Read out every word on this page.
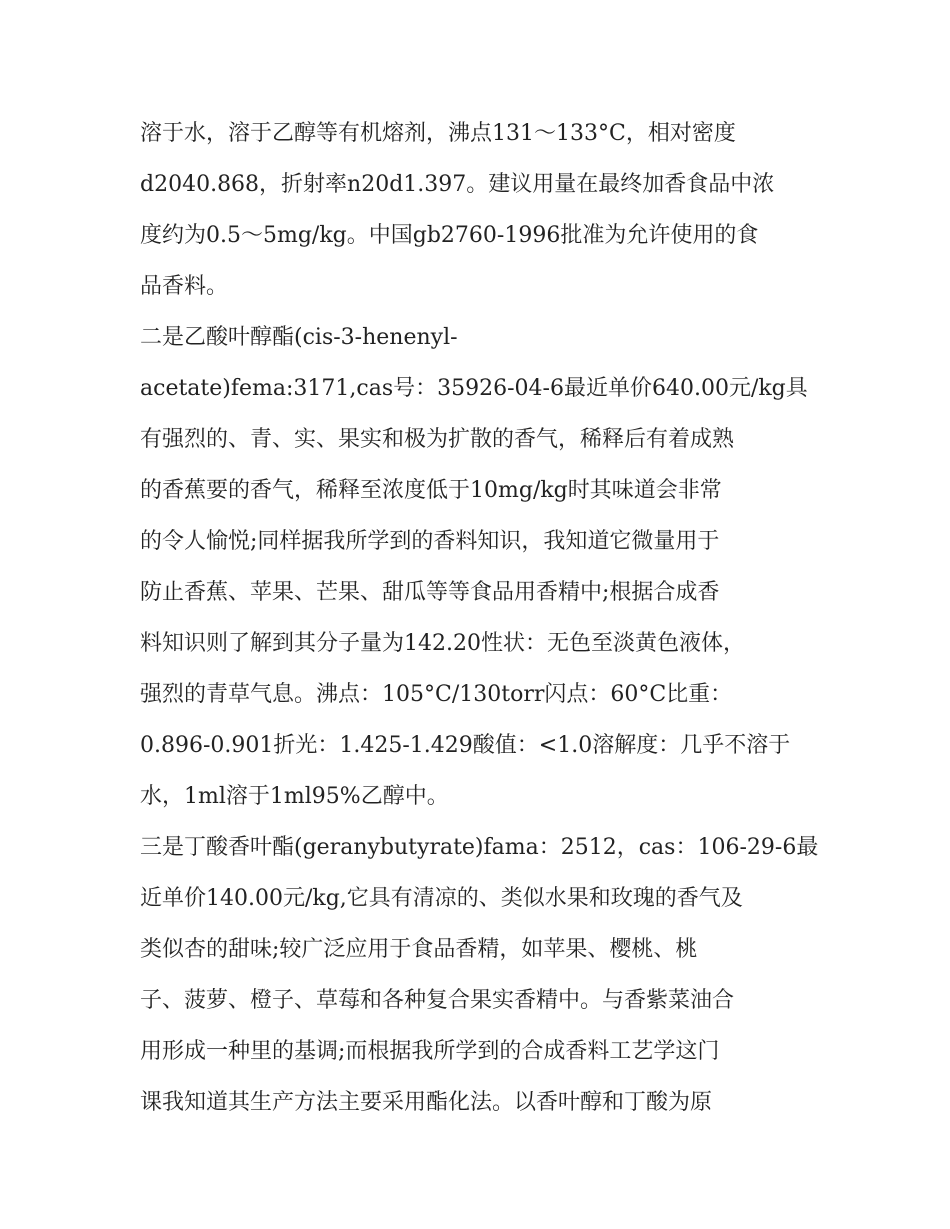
溶于水，溶于乙醇等有机熔剂，沸点131～133°C，相对密度
d2040.868，折射率n20d1.397。建议用量在最终加香食品中浓
度约为0.5～5mg/kg。中国gb2760-1996批准为允许使用的食
品香料。
二是乙酸叶醇酯(cis-3-henenyl-
acetate)fema:3171,cas号：35926-04-6最近单价640.00元/kg具
有强烈的、青、实、果实和极为扩散的香气，稀释后有着成熟
的香蕉要的香气，稀释至浓度低于10mg/kg时其味道会非常
的令人愉悦;同样据我所学到的香料知识，我知道它微量用于
防止香蕉、苹果、芒果、甜瓜等等食品用香精中;根据合成香
料知识则了解到其分子量为142.20性状：无色至淡黄色液体，
强烈的青草气息。沸点：105°C/130torr闪点：60°C比重：
0.896-0.901折光：1.425-1.429酸值：<1.0溶解度：几乎不溶于
水，1ml溶于1ml95%乙醇中。
三是丁酸香叶酯(geranybutyrate)fama：2512，cas：106-29-6最
近单价140.00元/kg,它具有清凉的、类似水果和玫瑰的香气及
类似杏的甜味;较广泛应用于食品香精，如苹果、樱桃、桃
子、菠萝、橙子、草莓和各种复合果实香精中。与香紫菜油合
用形成一种里的基调;而根据我所学到的合成香料工艺学这门
课我知道其生产方法主要采用酯化法。以香叶醇和丁酸为原
